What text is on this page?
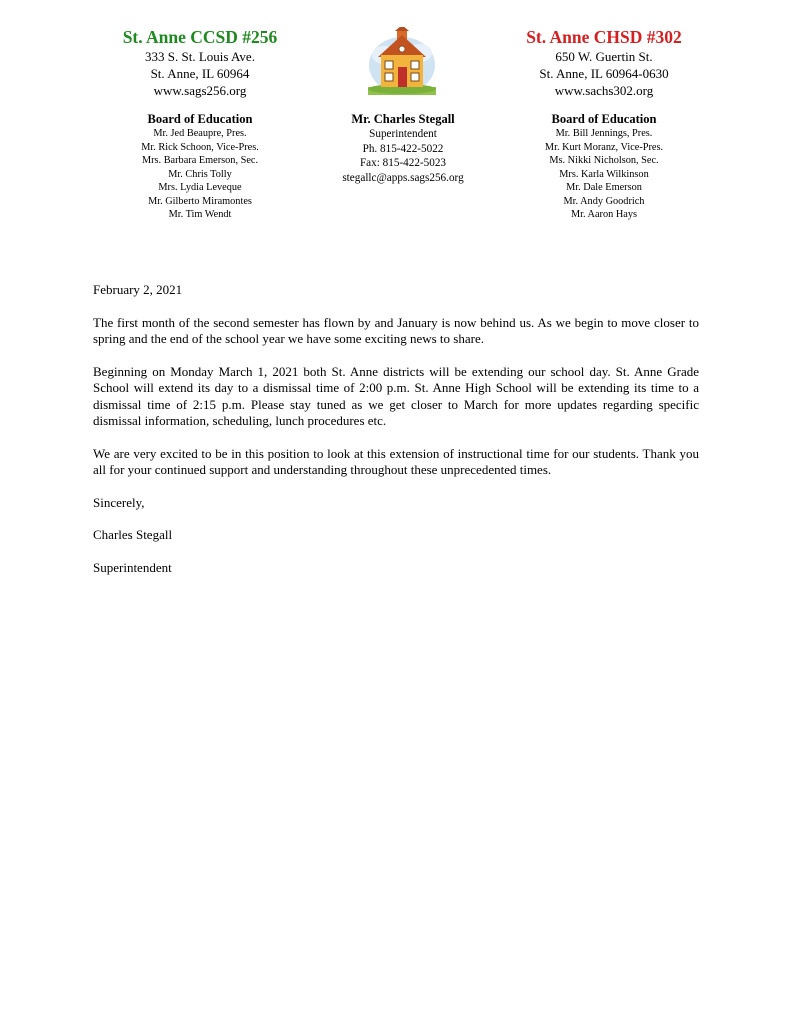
St. Anne CCSD #256
333 S. St. Louis Ave.
St. Anne, IL 60964
www.sags256.org
Board of Education
Mr. Jed Beaupre, Pres.
Mr. Rick Schoon, Vice-Pres.
Mrs. Barbara Emerson, Sec.
Mr. Chris Tolly
Mrs. Lydia Leveque
Mr. Gilberto Miramontes
Mr. Tim Wendt
Mr. Charles Stegall
Superintendent
Ph. 815-422-5022
Fax: 815-422-5023
stegallc@apps.sags256.org
St. Anne CHSD #302
650 W. Guertin St.
St. Anne, IL 60964-0630
www.sachs302.org
Board of Education
Mr. Bill Jennings, Pres.
Mr. Kurt Moranz, Vice-Pres.
Ms. Nikki Nicholson, Sec.
Mrs. Karla Wilkinson
Mr. Dale Emerson
Mr. Andy Goodrich
Mr. Aaron Hays

February 2, 2021

The first month of the second semester has flown by and January is now behind us. As we begin to move closer to spring and the end of the school year we have some exciting news to share.

Beginning on Monday March 1, 2021 both St. Anne districts will be extending our school day. St. Anne Grade School will extend its day to a dismissal time of 2:00 p.m. St. Anne High School will be extending its time to a dismissal time of 2:15 p.m. Please stay tuned as we get closer to March for more updates regarding specific dismissal information, scheduling, lunch procedures etc.

We are very excited to be in this position to look at this extension of instructional time for our students. Thank you all for your continued support and understanding throughout these unprecedented times.

Sincerely,

Charles Stegall

Superintendent
